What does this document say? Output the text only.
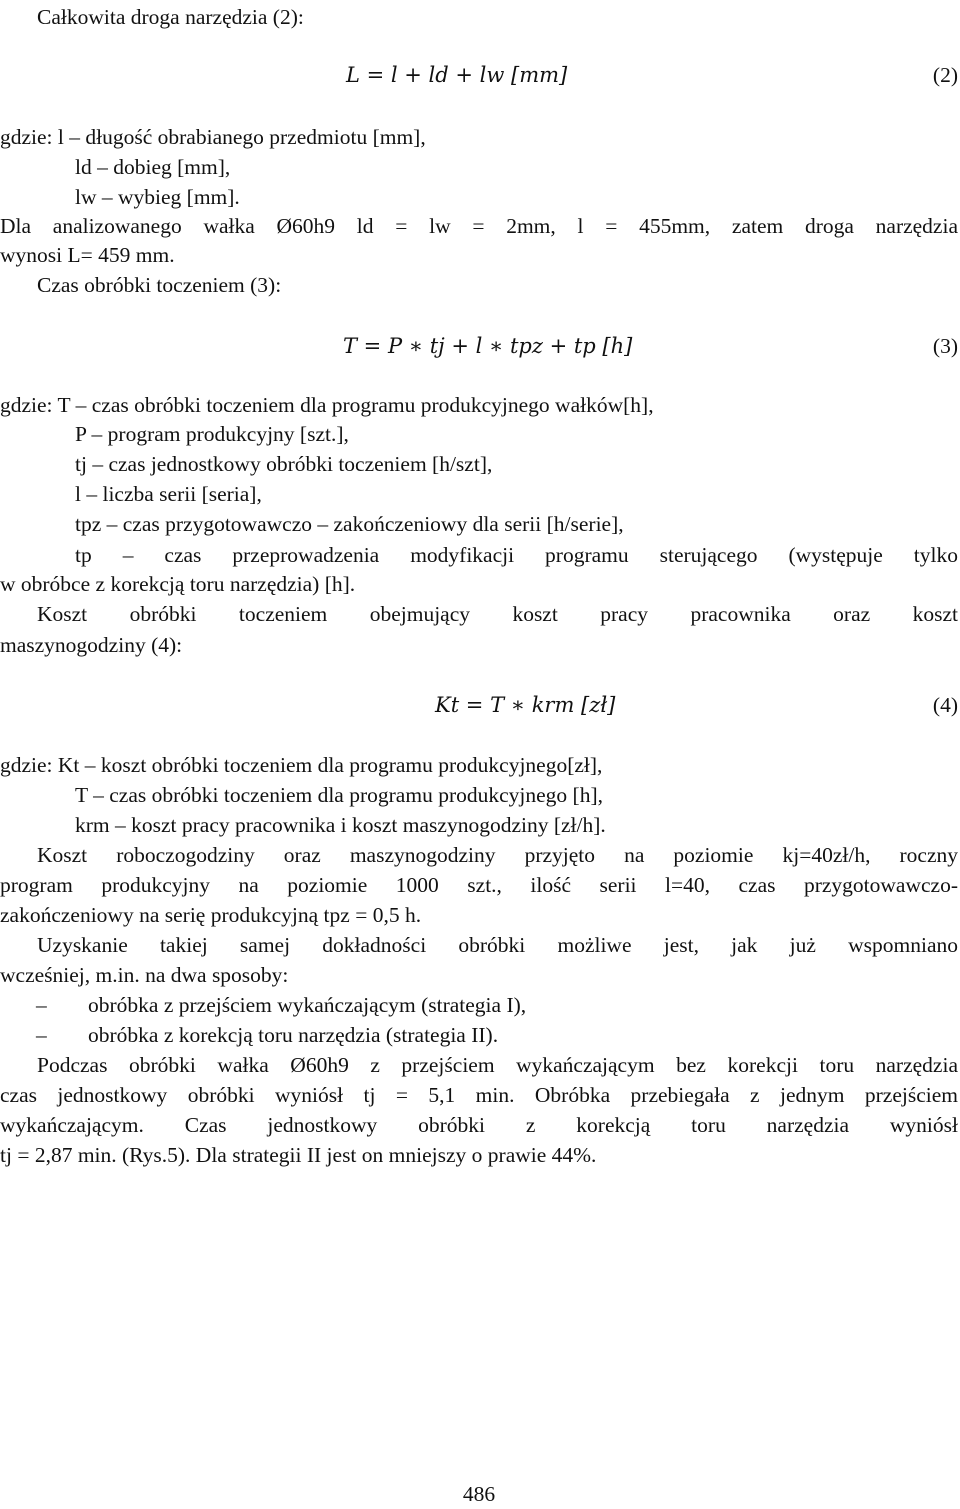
Całkowita droga narzędzia (2):
L = l + ld + lw [mm]	(2)
gdzie: l – długość obrabianego przedmiotu [mm],
ld – dobieg [mm],
lw – wybieg [mm].
Dla analizowanego wałka Ø60h9 ld = lw = 2mm, l = 455mm, zatem droga narzędzia
wynosi L= 459 mm.
Czas obróbki toczeniem (3):
T = P ∗ tj + l ∗ tpz + tp [h]	(3)
gdzie: T – czas obróbki toczeniem dla programu produkcyjnego wałków[h],
P – program produkcyjny [szt.],
tj – czas jednostkowy obróbki toczeniem [h/szt],
l – liczba serii [seria],
tpz – czas przygotowawczo – zakończeniowy dla serii [h/serie],
tp – czas przeprowadzenia modyfikacji programu sterującego (występuje tylko
w obróbce z korekcją toru narzędzia) [h].
Koszt obróbki toczeniem obejmujący koszt pracy pracownika oraz koszt
maszynogodziny (4):
Kt = T ∗ krm [zł]	(4)
gdzie: Kt – koszt obróbki toczeniem dla programu produkcyjnego[zł],
T – czas obróbki toczeniem dla programu produkcyjnego [h],
krm – koszt pracy pracownika i koszt maszynogodziny [zł/h].
Koszt roboczogodziny oraz maszynogodziny przyjęto na poziomie kj=40zł/h, roczny
program produkcyjny na poziomie 1000 szt., ilość serii l=40, czas przygotowawczo-
zakończeniowy na serię produkcyjną tpz = 0,5 h.
Uzyskanie takiej samej dokładności obróbki możliwe jest, jak już wspomniano
wcześniej, m.in. na dwa sposoby:
– obróbka z przejściem wykańczającym (strategia I),
– obróbka z korekcją toru narzędzia (strategia II).
Podczas obróbki wałka Ø60h9 z przejściem wykańczającym bez korekcji toru narzędzia
czas jednostkowy obróbki wyniósł tj = 5,1 min. Obróbka przebiegała z jednym przejściem
wykańczającym. Czas jednostkowy obróbki z korekcją toru narzędzia wyniósł
tj = 2,87 min. (Rys.5). Dla strategii II jest on mniejszy o prawie 44%.
486
